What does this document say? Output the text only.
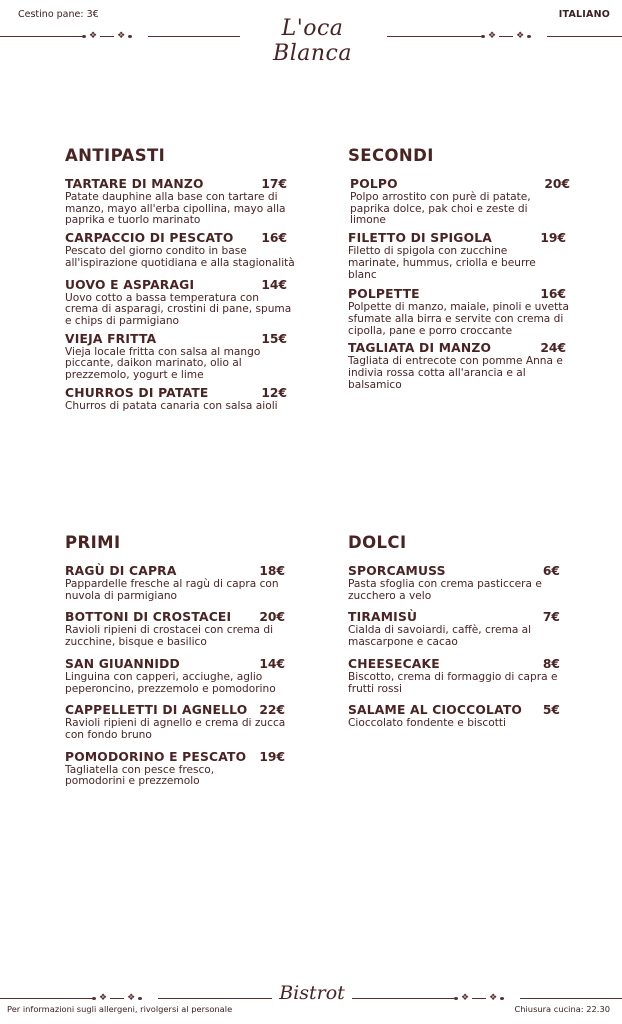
Cestino pane: 3€	ITALIANO
❖ ❖	L'oca Blanca
❖ ❖
ANTIPASTI
TARTARE DI MANZO	17€
Patate dauphine alla base con tartare di manzo, mayo all'erba cipollina, mayo alla paprika e tuorlo marinato
CARPACCIO DI PESCATO 16€
Pescato del giorno condito in base all'ispirazione quotidiana e alla stagionalità
UOVO E ASPARAGI	14€
Uovo cotto a bassa temperatura con crema di asparagi, crostini di pane, spuma e chips di parmigiano
VIEJA FRITTA	15€
Vieja locale fritta con salsa al mango piccante, daikon marinato, olio al prezzemolo, yogurt e lime
CHURROS DI PATATE	12€
Churros di patata canaria con salsa aioli
SECONDI
POLPO	20€
Polpo arrostito con purè di patate, paprika dolce, pak choi e zeste di limone
FILETTO DI SPIGOLA	19€
Filetto di spigola con zucchine marinate, hummus, criolla e beurre blanc
POLPETTE	16€
Polpette di manzo, maiale, pinoli e uvetta sfumate alla birra e servite con crema di cipolla, pane e porro croccante
TAGLIATA DI MANZO	24€
Tagliata di entrecote con pomme Anna e indivia rossa cotta all'arancia e al balsamico
PRIMI
RAGÙ DI CAPRA	18€
Pappardelle fresche al ragù di capra con nuvola di parmigiano
BOTTONI DI CROSTACEI 20€
Ravioli ripieni di crostacei con crema di zucchine, bisque e basilico
SAN GIUANNIDD	14€
Linguina con capperi, acciughe, aglio peperoncino, prezzemolo e pomodorino
CAPPELLETTI DI AGNELLO 22€
Ravioli ripieni di agnello e crema di zucca con fondo bruno
POMODORINO E PESCATO 19€
Tagliatella con pesce fresco, pomodorini e prezzemolo
DOLCI
SPORCAMUSS	6€
Pasta sfoglia con crema pasticcera e zucchero a velo
TIRAMISÙ	7€
Cialda di savoiardi, caffè, crema al mascarpone e cacao
CHEESECAKE	8€
Biscotto, crema di formaggio di capra e frutti rossi
SALAME AL CIOCCOLATO 5€
Cioccolato fondente e biscotti
❖ ❖	Bistrot	❖ ❖
Per informazioni sugli allergeni, rivolgersi al personale	Chiusura cucina: 22.30
